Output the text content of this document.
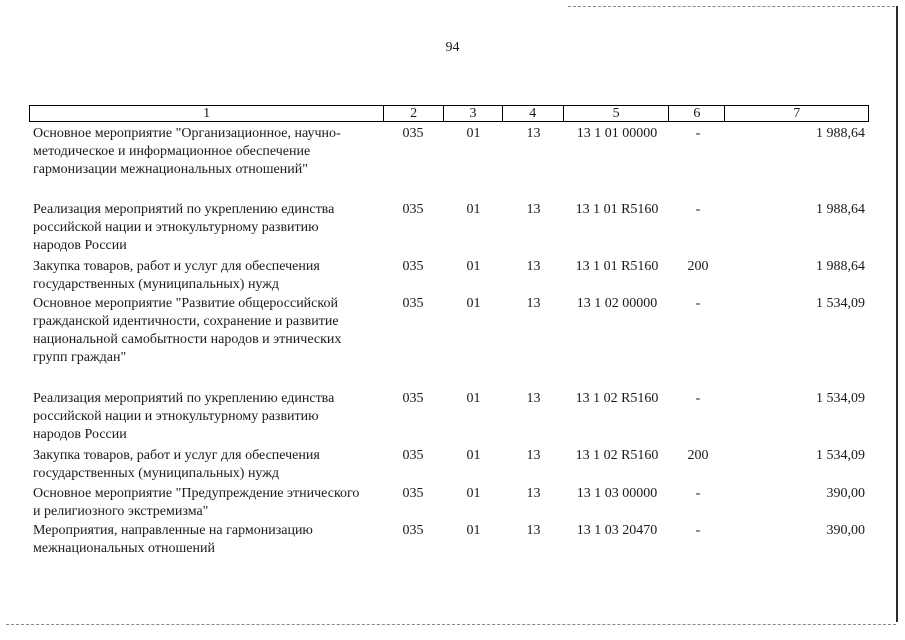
94
1	2	3	4	5	6	7
Основное мероприятие "Организационное, научно-
методическое и информационное обеспечение
гармонизации межнациональных отношений"
035	01	13	13 1 01 00000	-	1 988,64
Реализация мероприятий по укреплению единства
российской нации и этнокультурному развитию
народов России
035	01	13	13 1 01 R5160	-	1 988,64
Закупка товаров, работ и услуг для обеспечения
государственных (муниципальных) нужд
035	01	13	13 1 01 R5160	200	1 988,64
Основное мероприятие "Развитие общероссийской
гражданской идентичности, сохранение и развитие
национальной самобытности народов и этнических
групп граждан"
035	01	13	13 1 02 00000	-	1 534,09
Реализация мероприятий по укреплению единства
российской нации и этнокультурному развитию
народов России
035	01	13	13 1 02 R5160	-	1 534,09
Закупка товаров, работ и услуг для обеспечения
государственных (муниципальных) нужд
035	01	13	13 1 02 R5160	200	1 534,09
Основное мероприятие "Предупреждение этнического
и религиозного экстремизма"
035	01	13	13 1 03 00000	-	390,00
Мероприятия, направленные на гармонизацию
межнациональных отношений
035	01	13	13 1 03 20470	-	390,00
